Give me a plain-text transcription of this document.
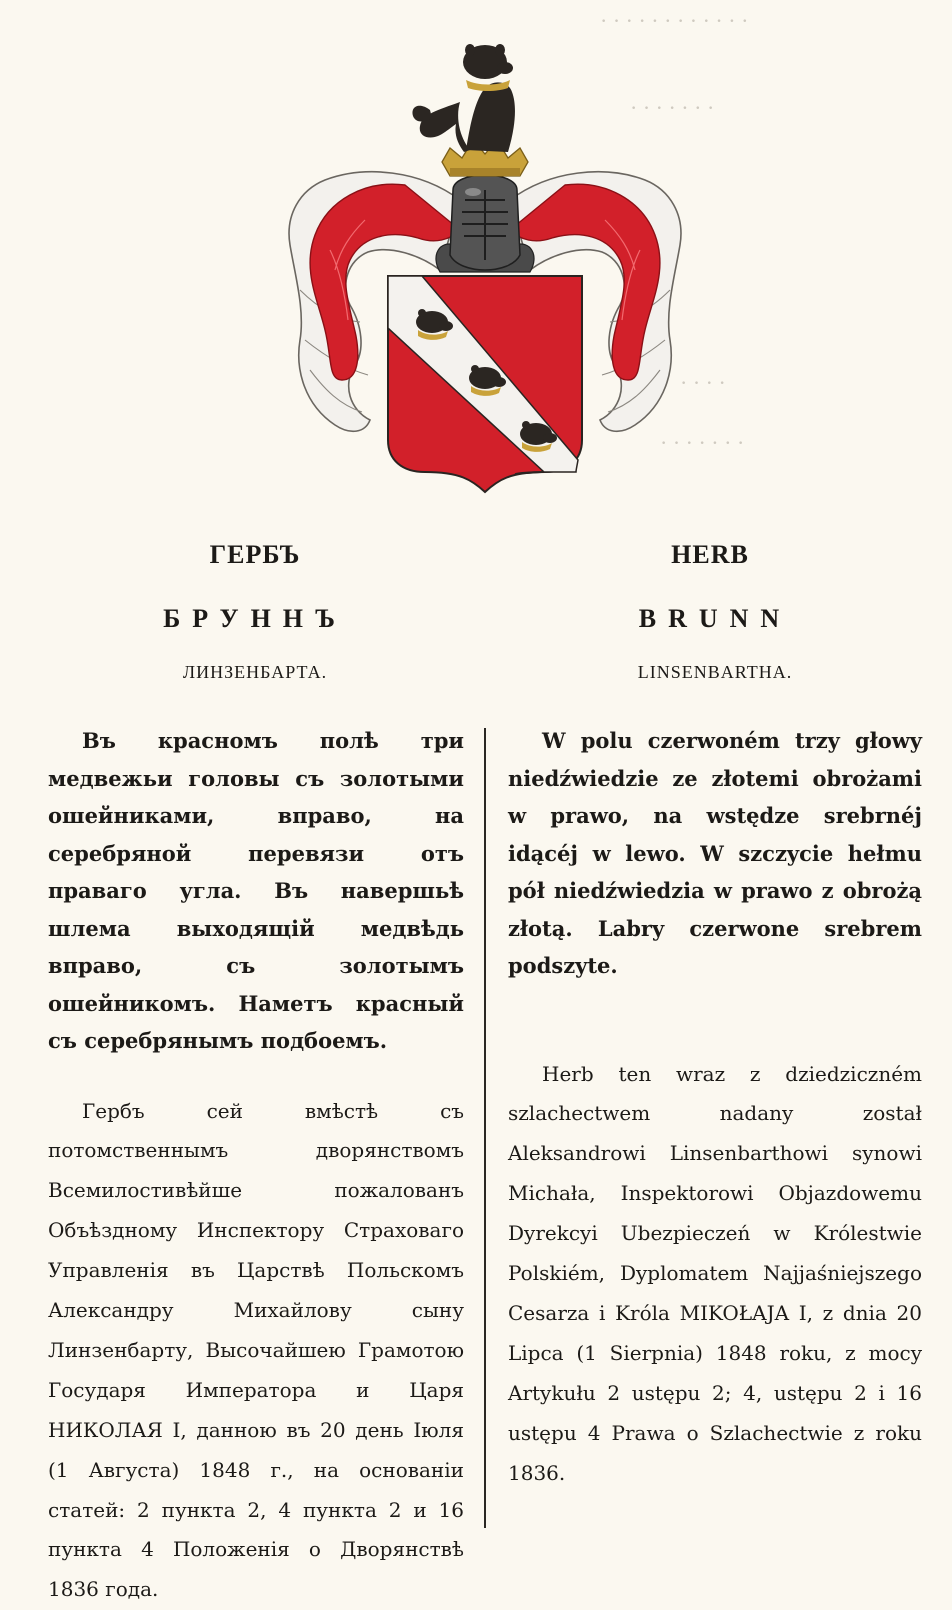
· · · · · · · · · · · ·
· · · · · · ·
· · · ·
· · · · · · ·
ГЕРБЪ
БРУННЪ
ЛИНЗЕНБАРТА.
HERB
BRUNN
LINSENBARTHA.

Въ красномъ полѣ три медвежьи головы съ золотыми ошейниками, вправо, на серебряной перевязи отъ праваго угла. Въ навершьѣ шлема выходящій медвѣдь вправо, съ золотымъ ошейникомъ. Наметъ красный съ серебрянымъ подбоемъ.

Гербъ сей вмѣстѣ съ потомственнымъ дворянствомъ Всемилостивѣйше пожалованъ Объѣздному Инспектору Страховаго Управленія въ Царствѣ Польскомъ Александру Михайлову сыну Линзенбарту, Высочайшею Грамотою Государя Императора и Царя НИКОЛАЯ I, данною въ 20 день Іюля (1 Августа) 1848 г., на основаніи статей: 2 пункта 2, 4 пункта 2 и 16 пункта 4 Положенія о Дворянствѣ 1836 года.

W polu czerwoném trzy głowy niedźwiedzie ze złotemi obrożami w prawo, na wstędze srebrnéj idącéj w lewo. W szczycie hełmu pół niedźwiedzia w prawo z obrożą złotą. Labry czerwone srebrem podszyte.

Herb ten wraz z dziedziczném szlachectwem nadany został Aleksandrowi Linsenbarthowi synowi Michała, Inspektorowi Objazdowemu Dyrekcyi Ubezpieczeń w Królestwie Polskiém, Dyplomatem Najjaśniejszego Cesarza i Króla MIKOŁAJA I, z dnia 20 Lipca (1 Sierpnia) 1848 roku, z mocy Artykułu 2 ustępu 2; 4, ustępu 2 i 16 ustępu 4 Prawa o Szlachectwie z roku 1836.
